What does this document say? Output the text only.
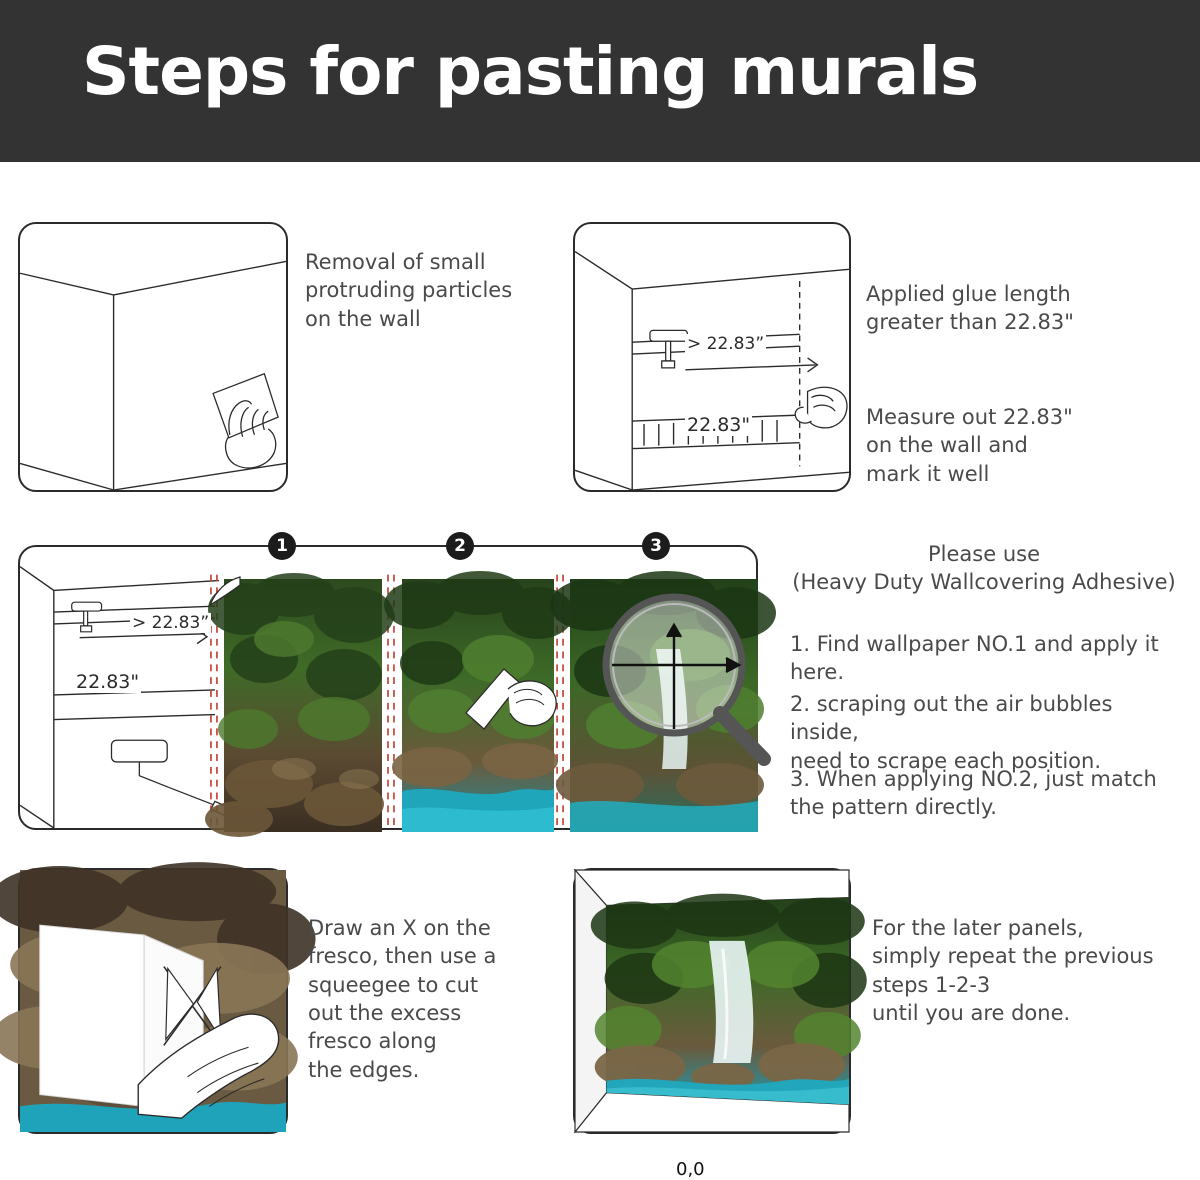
Steps for pasting murals
Removal of small
protruding particles
on the wall
> 22.83”
22.83"
Applied glue length
greater than 22.83"
Measure out 22.83"
on the wall and
mark it well
0,0
> 22.83”
22.83"
1	2	3	Please use
(Heavy Duty Wallcovering Adhesive)
1. Find wallpaper NO.1 and apply it here.
2. scraping out the air bubbles inside,
need to scrape each position.
3. When applying NO.2, just match
the pattern directly.
Draw an X on the
fresco, then use a
squeegee to cut
out the excess
fresco along
the edges.
For the later panels,
simply repeat the previous
steps 1-2-3
until you are done.
